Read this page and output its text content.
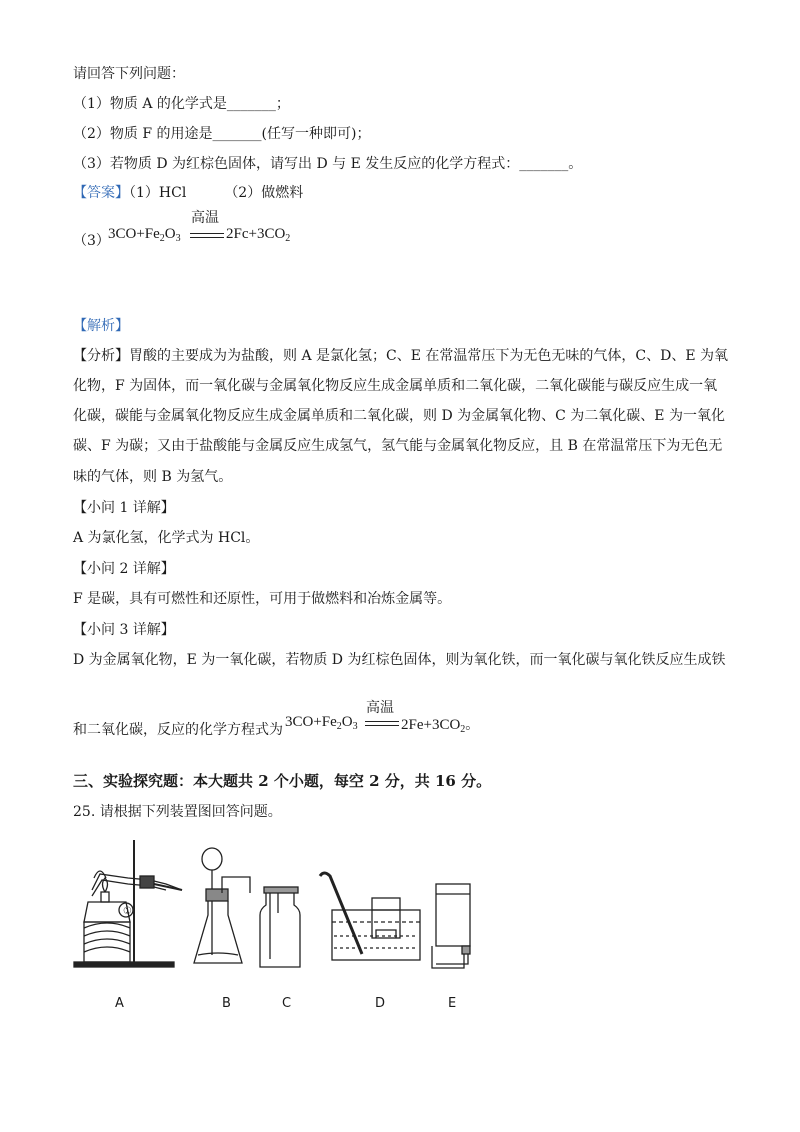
请回答下列问题：
（1）物质 A 的化学式是_______；
（2）物质 F 的用途是_______(任写一种即可)；
（3）若物质 D 为红棕色固体，请写出 D 与 E 发生反应的化学方程式：_______。
【答案】（1）HCl	（2）做燃料
（3）
$3CO+Fe_2O_3$
高温
$2Fc+3CO_2$
【解析】
【分析】胃酸的主要成为为盐酸，则 A 是氯化氢；C、E 在常温常压下为无色无味的气体，C、D、E 为氧
化物，F 为固体，而一氧化碳与金属氧化物反应生成金属单质和二氧化碳，二氧化碳能与碳反应生成一氧
化碳，碳能与金属氧化物反应生成金属单质和二氧化碳，则 D 为金属氧化物、C 为二氧化碳、E 为一氧化
碳、F 为碳；又由于盐酸能与金属反应生成氢气，氢气能与金属氧化物反应，且 B 在常温常压下为无色无
味的气体，则 B 为氢气。
【小问 1 详解】
A 为氯化氢，化学式为 HCl。
【小问 2 详解】
F 是碳，具有可燃性和还原性，可用于做燃料和冶炼金属等。
【小问 3 详解】
D 为金属氧化物，E 为一氧化碳，若物质 D 为红棕色固体，则为氧化铁，而一氧化碳与氧化铁反应生成铁
和二氧化碳，反应的化学方程式为 $3CO+Fe_2O_3$
高温
$2Fe+3CO_2$。
三、实验探究题：本大题共 2 个小题，每空 2 分，共 16 分。
25. 请根据下列装置图回答问题。
①
A	B	C	D	E
